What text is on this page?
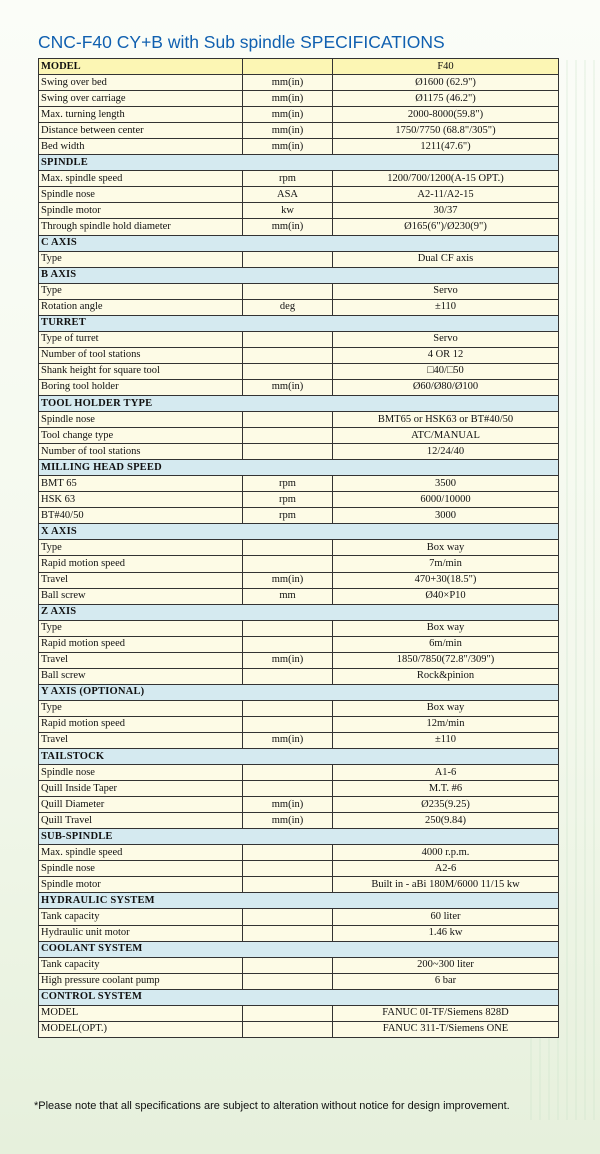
CNC-F40 CY+B with Sub spindle SPECIFICATIONS
MODEL		F40
Swing over bed	mm(in)	Ø1600 (62.9")
Swing over carriage	mm(in)	Ø1175 (46.2")
Max. turning length	mm(in)	2000-8000(59.8")
Distance between center	mm(in)	1750/7750 (68.8"/305")
Bed width	mm(in)	1211(47.6")
SPINDLE		
Max. spindle speed	rpm	1200/700/1200(A-15 OPT.)
Spindle nose	ASA	A2-11/A2-15
Spindle motor	kw	30/37
Through spindle hold diameter	mm(in)	Ø165(6")/Ø230(9")
C AXIS		
Type		Dual CF axis
B AXIS		
Type		Servo
Rotation angle	deg	±110
TURRET		
Type of turret		Servo
Number of tool stations		4 OR 12
Shank height for square tool		□40/□50
Boring tool holder	mm(in)	Ø60/Ø80/Ø100
TOOL HOLDER TYPE		
Spindle nose		BMT65 or HSK63 or BT#40/50
Tool change type		ATC/MANUAL
Number of tool stations		12/24/40
MILLING HEAD SPEED		
BMT 65	rpm	3500
HSK 63	rpm	6000/10000
BT#40/50	rpm	3000
X AXIS		
Type		Box way
Rapid motion speed		7m/min
Travel	mm(in)	470+30(18.5")
Ball screw	mm	Ø40×P10
Z AXIS		
Type		Box way
Rapid motion speed		6m/min
Travel	mm(in)	1850/7850(72.8"/309")
Ball screw		Rock&pinion
Y AXIS (OPTIONAL)		
Type		Box way
Rapid motion speed		12m/min
Travel	mm(in)	±110
TAILSTOCK		
Spindle nose		A1-6
Quill Inside Taper		M.T. #6
Quill Diameter	mm(in)	Ø235(9.25)
Quill Travel	mm(in)	250(9.84)
SUB-SPINDLE		
Max. spindle speed		4000 r.p.m.
Spindle nose		A2-6
Spindle motor		Built in - aBi 180M/6000 11/15 kw
HYDRAULIC SYSTEM		
Tank capacity		60 liter
Hydraulic unit motor		1.46 kw
COOLANT SYSTEM		
Tank capacity		200~300 liter
High pressure coolant pump		6 bar
CONTROL SYSTEM		
MODEL		FANUC 0I-TF/Siemens 828D
MODEL(OPT.)		FANUC 311-T/Siemens ONE
*Please note that all specifications are subject to alteration without notice for design improvement.
